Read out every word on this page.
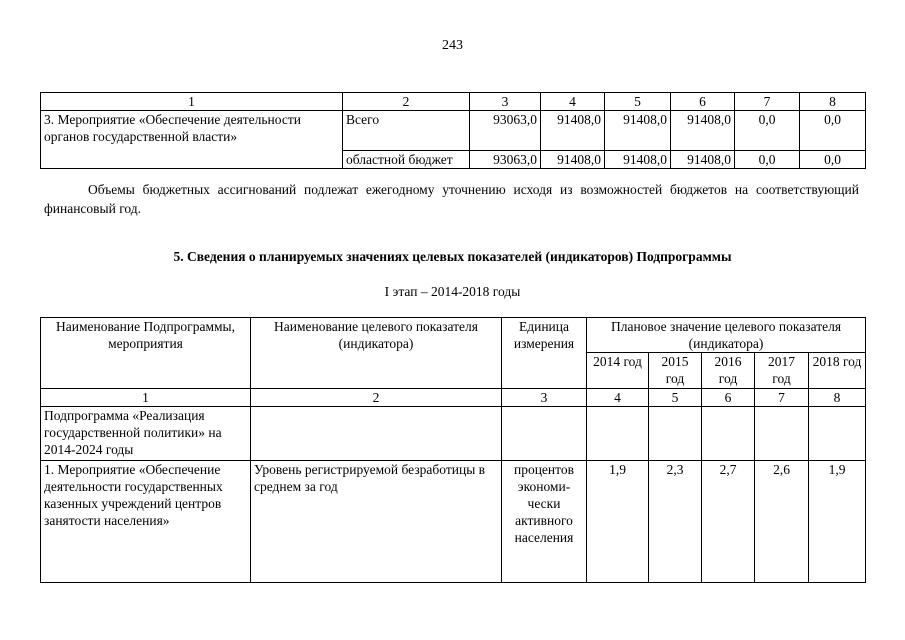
243
1	2	3	4	5	6	7	8
3. Мероприятие «Обеспечение деятельности органов государственной власти»	Всего	93063,0	91408,0	91408,0	91408,0	0,0	0,0
	областной бюджет	93063,0	91408,0	91408,0	91408,0	0,0	0,0
Объемы бюджетных ассигнований подлежат ежегодному уточнению исходя из возможностей бюджетов на соответствующий финансовый год.
5. Сведения о планируемых значениях целевых показателей (индикаторов) Подпрограммы
I этап – 2014-2018 годы
Наименование Подпрограммы, мероприятия	Наименование целевого показателя (индикатора)	Единица измерения	Плановое значение целевого показателя (индикатора)				
			2014 год	2015 год	2016 год	2017 год	2018 год
1	2	3	4	5	6	7	8
Подпрограмма «Реализация государственной политики» на 2014-2024 годы							
1. Мероприятие «Обеспечение деятельности государственных казенных учреждений центров занятости населения»	Уровень регистрируемой безработицы в среднем за год	процентов экономи-чески активного населения	1,9	2,3	2,7	2,6	1,9
